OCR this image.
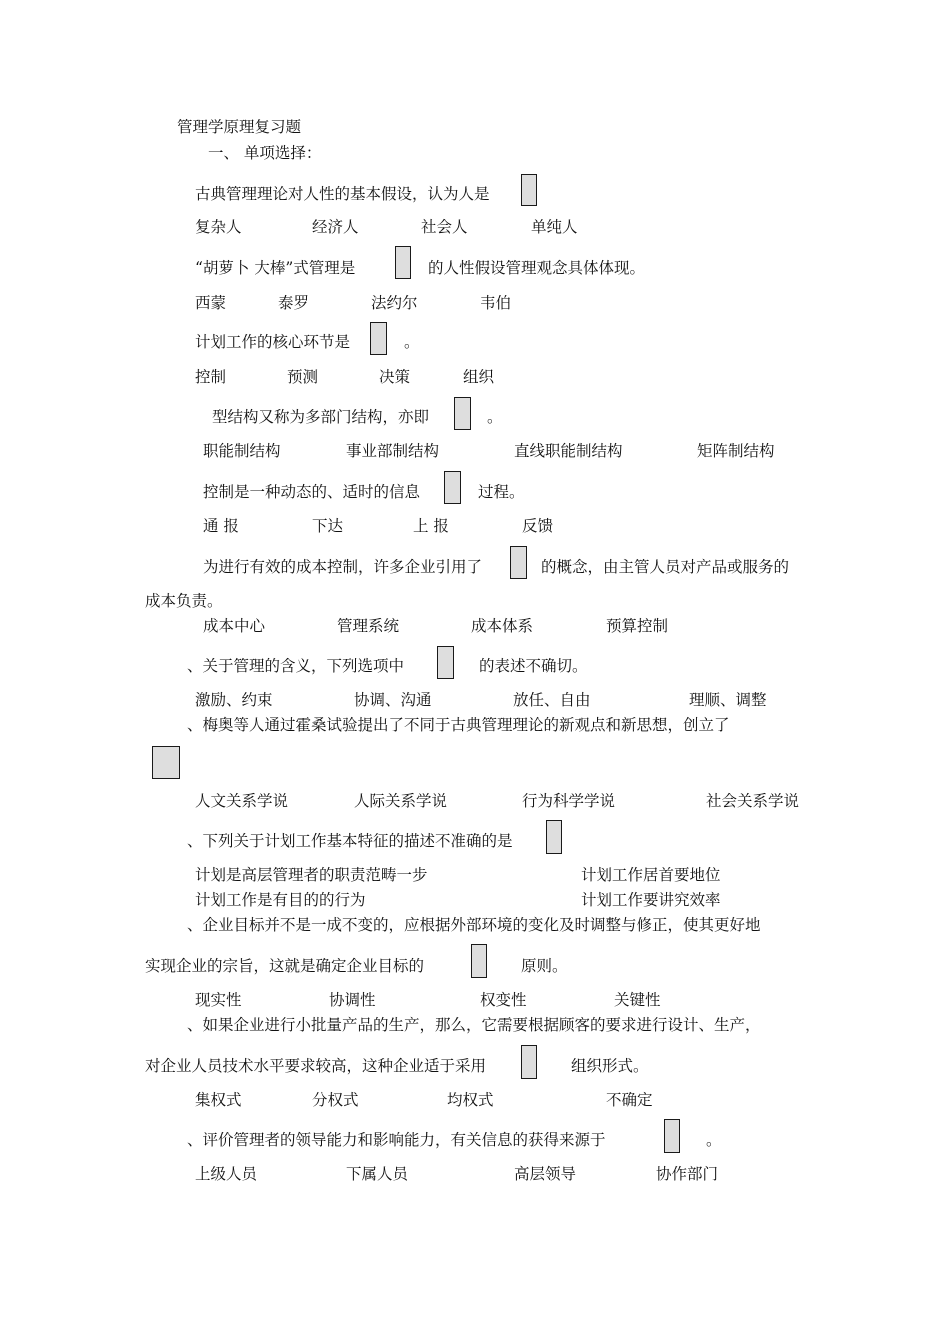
管理学原理复习题
一、 单项选择：
古典管理理论对人性的基本假设，认为人是
复杂人	经济人	社会人	单纯人
“胡萝卜 大棒”式管理是	的人性假设管理观念具体体现。
西蒙	泰罗	法约尔	韦伯
计划工作的核心环节是	。
控制	预测	决策	组织
型结构又称为多部门结构，亦即	。
职能制结构	事业部制结构	直线职能制结构	矩阵制结构
控制是一种动态的、适时的信息	过程。
通 报	下达	上 报	反馈
为进行有效的成本控制，许多企业引用了	的概念，由主管人员对产品或服务的
成本负责。
成本中心	管理系统	成本体系	预算控制
、关于管理的含义，下列选项中	的表述不确切。
激励、约束	协调、沟通	放任、自由	理顺、调整
、梅奥等人通过霍桑试验提出了不同于古典管理理论的新观点和新思想，创立了
人文关系学说	人际关系学说	行为科学学说	社会关系学说
、下列关于计划工作基本特征的描述不准确的是
计划是高层管理者的职责范畴一步	计划工作居首要地位
计划工作是有目的的行为	计划工作要讲究效率
、企业目标并不是一成不变的，应根据外部环境的变化及时调整与修正，使其更好地
实现企业的宗旨，这就是确定企业目标的	原则。
现实性	协调性	权变性	关键性
、如果企业进行小批量产品的生产，那么，它需要根据顾客的要求进行设计、生产，
对企业人员技术水平要求较高，这种企业适于采用	组织形式。
集权式	分权式	均权式	不确定
、评价管理者的领导能力和影响能力，有关信息的获得来源于	。
上级人员	下属人员	高层领导	协作部门
